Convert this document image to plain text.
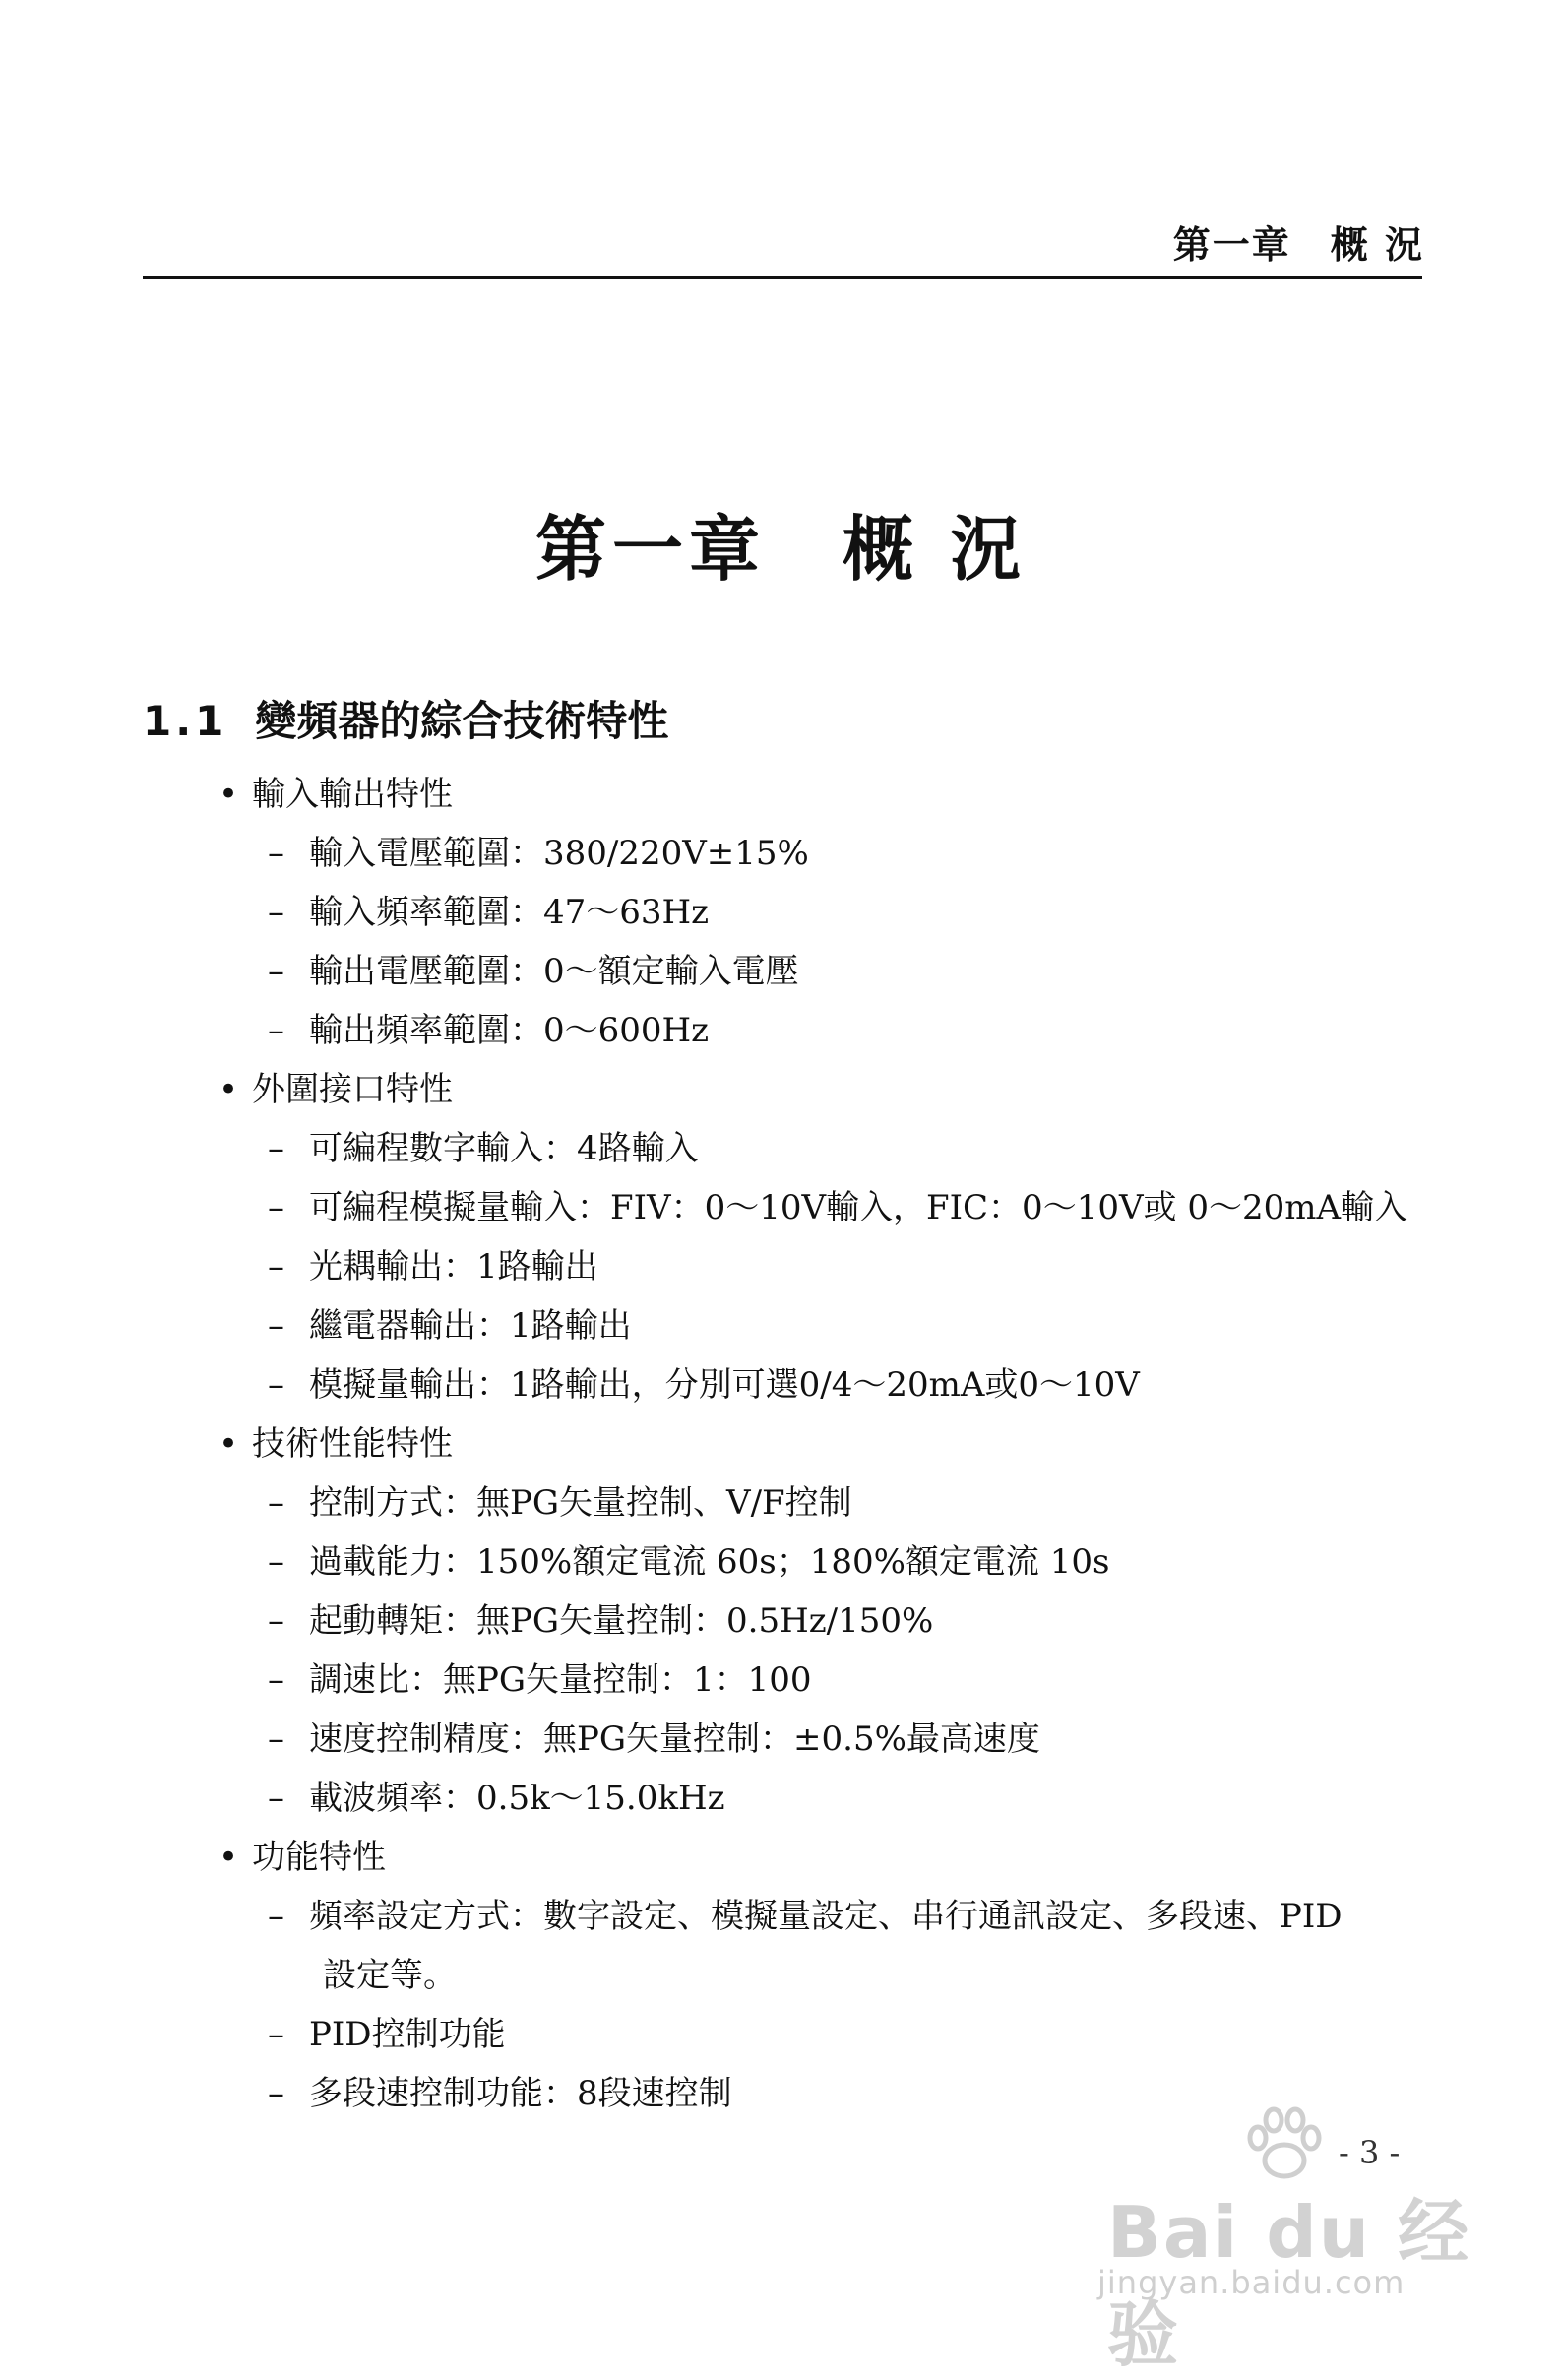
第一章　概 況
第一章　概 況
1.1 變頻器的綜合技術特性
• 輸入輸出特性
– 輸入電壓範圍：380/220V±15%
– 輸入頻率範圍：47～63Hz
– 輸出電壓範圍：0～額定輸入電壓
– 輸出頻率範圍：0～600Hz
• 外圍接口特性
– 可編程數字輸入：4路輸入
– 可編程模擬量輸入：FIV：0～10V輸入，FIC：0～10V或 0～20mA輸入
– 光耦輸出：1路輸出
– 繼電器輸出：1路輸出
– 模擬量輸出：1路輸出，分別可選0/4～20mA或0～10V
• 技術性能特性
– 控制方式：無PG矢量控制、V/F控制
– 過載能力：150%額定電流 60s；180%額定電流 10s
– 起動轉矩：無PG矢量控制：0.5Hz/150%
– 調速比：無PG矢量控制：1：100
– 速度控制精度：無PG矢量控制：±0.5%最高速度
– 載波頻率：0.5k～15.0kHz
• 功能特性
– 頻率設定方式：數字設定、模擬量設定、串行通訊設定、多段速、PID
設定等。
– PID控制功能
– 多段速控制功能：8段速控制
Bai du 经验
jingyan.baidu.com
- 3 -
